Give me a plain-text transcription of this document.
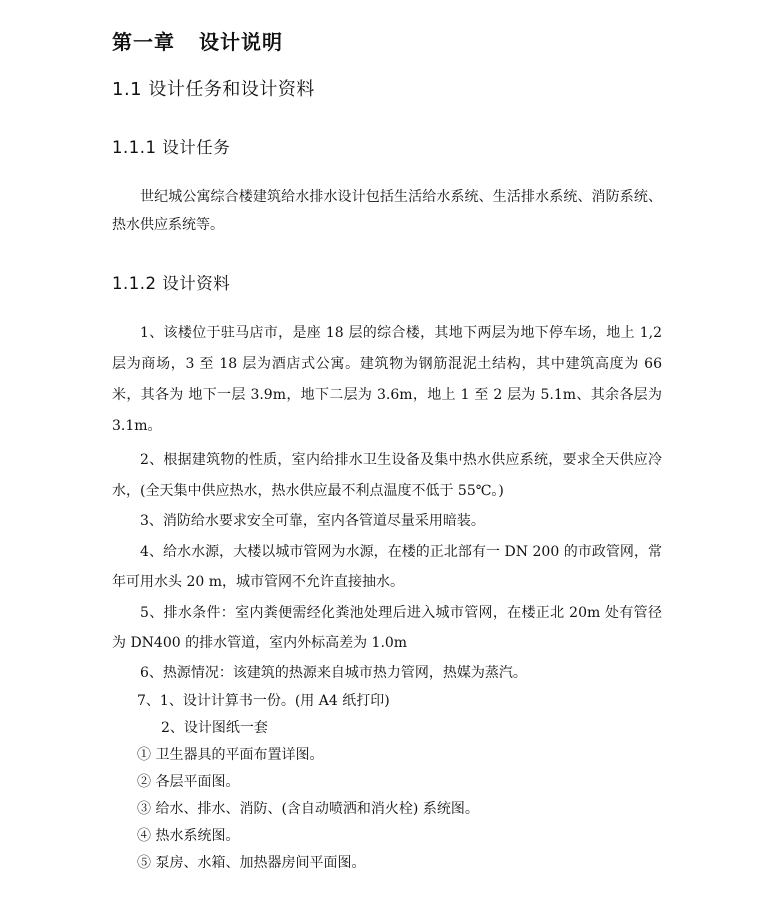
第一章 设计说明
1.1 设计任务和设计资料
1.1.1 设计任务
世纪城公寓综合楼建筑给水排水设计包括生活给水系统、生活排水系统、消防系统、热水供应系统等。
1.1.2 设计资料
1、该楼位于驻马店市，是座 18 层的综合楼，其地下两层为地下停车场，地上 1,2 层为商场，3 至 18 层为酒店式公寓。建筑物为钢筋混泥土结构，其中建筑高度为 66 米，其各为 地下一层 3.9m，地下二层为 3.6m，地上 1 至 2 层为 5.1m、其余各层为 3.1m。
2、根据建筑物的性质，室内给排水卫生设备及集中热水供应系统，要求全天供应冷水，(全天集中供应热水，热水供应最不利点温度不低于 55℃。)
3、消防给水要求安全可靠，室内各管道尽量采用暗装。
4、给水水源，大楼以城市管网为水源，在楼的正北部有一 DN 200 的市政管网，常年可用水头 20 m，城市管网不允许直接抽水。
5、排水条件：室内粪便需经化粪池处理后进入城市管网，在楼正北 20m 处有管径为 DN400 的排水管道，室内外标高差为 1.0m
6、热源情况：该建筑的热源来自城市热力管网，热媒为蒸汽。
7、1、设计计算书一份。(用 A4 纸打印)
2、设计图纸一套
① 卫生器具的平面布置详图。
② 各层平面图。
③ 给水、排水、消防、(含自动喷洒和消火栓) 系统图。
④ 热水系统图。
⑤ 泵房、水箱、加热器房间平面图。
